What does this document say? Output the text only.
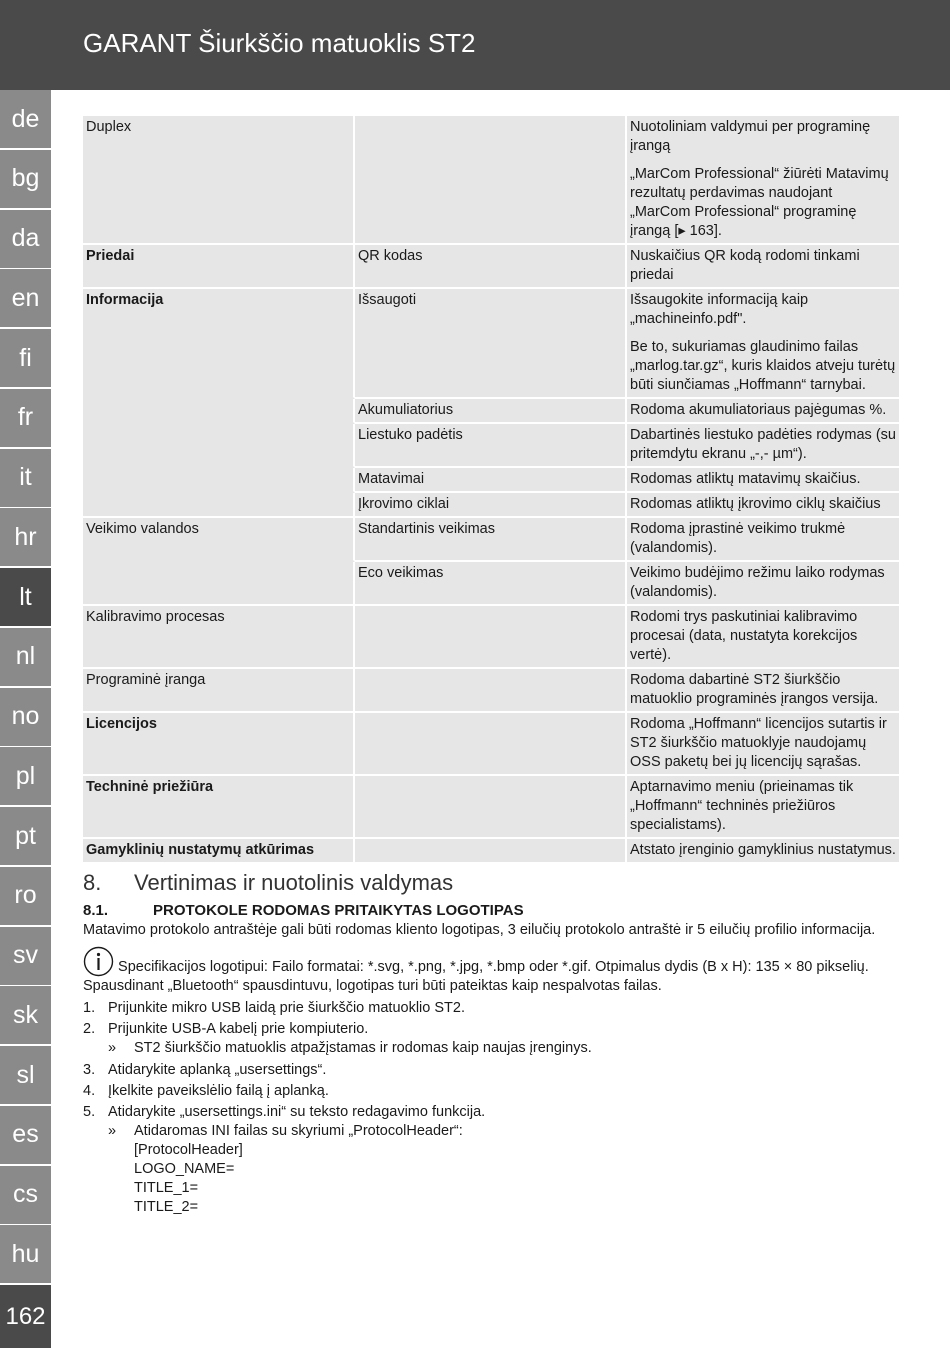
GARANT Šiurkščio matuoklis ST2
de
bg
da
en
fi
fr
it
hr
lt
nl
no
pl
pt
ro
sv
sk
sl
es
cs
hu
162
Duplex		Nuotoliniam valdymui per programinę įrangą
„MarCom Professional“ žiūrėti Matavimų rezultatų perdavimas naudojant „MarCom Professional“ programinę įrangą [▸ 163].

Priedai	QR kodas	Nuskaičius QR kodą rodomi tinkami priedai

Informacija	Išsaugoti	Išsaugokite informaciją kaip „machineinfo.pdf".
Be to, sukuriamas glaudinimo failas „marlog.tar.gz“, kuris klaidos atveju turėtų būti siunčiamas „Hoffmann“ tarnybai.

	Akumuliatorius	Rodoma akumuliatoriaus pajėgumas %.

	Liestuko padėtis	Dabartinės liestuko padėties rodymas (su pritemdytu ekranu „-,- µm“).

	Matavimai	Rodomas atliktų matavimų skaičius.

	Įkrovimo ciklai	Rodomas atliktų įkrovimo ciklų skaičius

Veikimo valandos	Standartinis veikimas	Rodoma įprastinė veikimo trukmė (valandomis).

	Eco veikimas	Veikimo budėjimo režimu laiko rodymas (valandomis).

Kalibravimo procesas		Rodomi trys paskutiniai kalibravimo procesai (data, nustatyta korekcijos vertė).

Programinė įranga		Rodoma dabartinė ST2 šiurkščio matuoklio programinės įrangos versija.

Licencijos		Rodoma „Hoffmann“ licencijos sutartis ir ST2 šiurkščio matuoklyje naudojamų OSS paketų bei jų licencijų sąrašas.

Techninė priežiūra		Aptarnavimo meniu (prieinamas tik „Hoffmann“ techninės priežiūros specialistams).

Gamyklinių nustatymų atkūrimas		Atstato įrenginio gamyklinius nustatymus.
8.	Vertinimas ir nuotolinis valdymas
8.1.	PROTOKOLE RODOMAS PRITAIKYTAS LOGOTIPAS

Matavimo protokolo antraštėje gali būti rodomas kliento logotipas, 3 eilučių protokolo antraštė ir 5 eilučių profilio informacija.

Specifikacijos logotipui: Failo formatai: *.svg, *.png, *.jpg, *.bmp oder *.gif. Otpimalus dydis (B x H): 135 × 80 pikselių. Spausdinant „Bluetooth“ spausdintuvu, logotipas turi būti pateiktas kaip nespalvotas failas.

1. Prijunkite mikro USB laidą prie šiurkščio matuoklio ST2.
2. Prijunkite USB-A kabelį prie kompiuterio.
»	ST2 šiurkščio matuoklis atpažįstamas ir rodomas kaip naujas įrenginys.
3. Atidarykite aplanką „usersettings“.
4. Įkelkite paveikslėlio failą į aplanką.
5. Atidarykite „usersettings.ini“ su teksto redagavimo funkcija.
»	Atidaromas INI failas su skyriumi „ProtocolHeader“:
[ProtocolHeader]
LOGO_NAME=
TITLE_1=
TITLE_2=
